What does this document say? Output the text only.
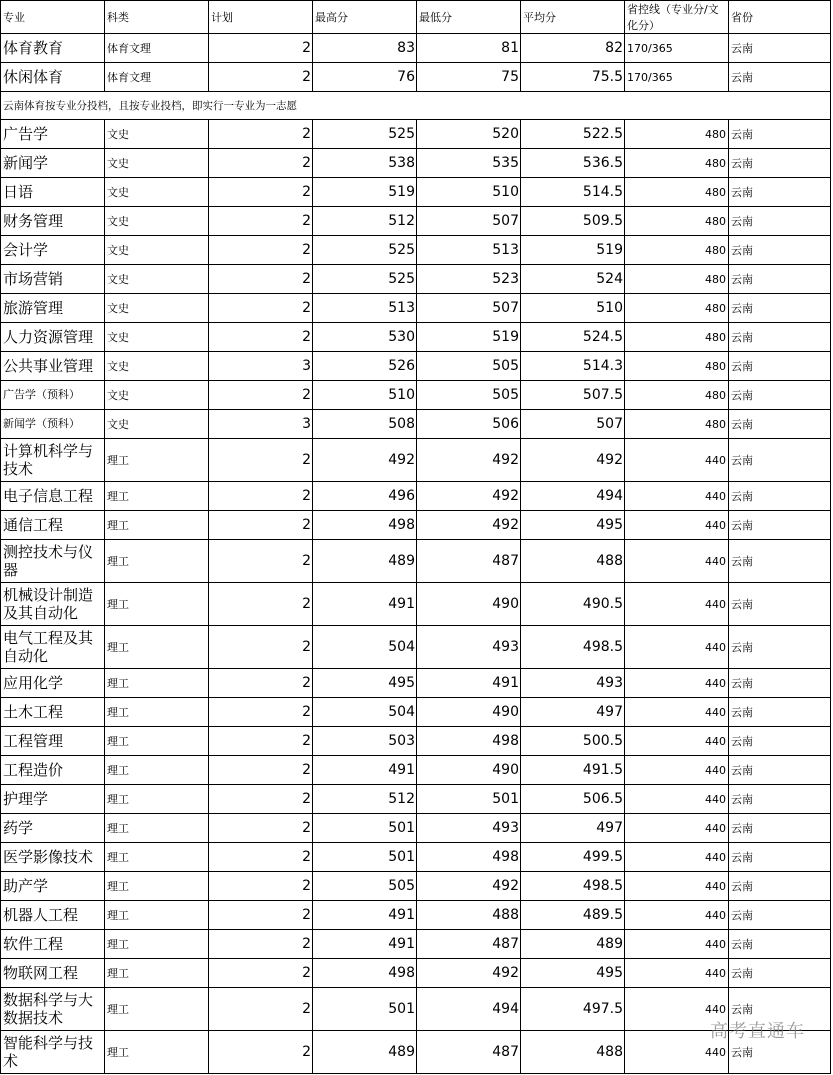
专业	科类	计划	最高分	最低分	平均分	省控线（专业分/文化分）	省份
体育教育	体育文理	2	83	81	82	170/365	云南
休闲体育	体育文理	2	76	75	75.5	170/365	云南
云南体育按专业分投档，且按专业投档，即实行一专业为一志愿							
广告学	文史	2	525	520	522.5	480	云南
新闻学	文史	2	538	535	536.5	480	云南
日语	文史	2	519	510	514.5	480	云南
财务管理	文史	2	512	507	509.5	480	云南
会计学	文史	2	525	513	519	480	云南
市场营销	文史	2	525	523	524	480	云南
旅游管理	文史	2	513	507	510	480	云南
人力资源管理	文史	2	530	519	524.5	480	云南
公共事业管理	文史	3	526	505	514.3	480	云南
广告学（预科）	文史	2	510	505	507.5	480	云南
新闻学（预科）	文史	3	508	506	507	480	云南
计算机科学与技术	理工	2	492	492	492	440	云南
电子信息工程	理工	2	496	492	494	440	云南
通信工程	理工	2	498	492	495	440	云南
测控技术与仪器	理工	2	489	487	488	440	云南
机械设计制造及其自动化	理工	2	491	490	490.5	440	云南
电气工程及其自动化	理工	2	504	493	498.5	440	云南
应用化学	理工	2	495	491	493	440	云南
土木工程	理工	2	504	490	497	440	云南
工程管理	理工	2	503	498	500.5	440	云南
工程造价	理工	2	491	490	491.5	440	云南
护理学	理工	2	512	501	506.5	440	云南
药学	理工	2	501	493	497	440	云南
医学影像技术	理工	2	501	498	499.5	440	云南
助产学	理工	2	505	492	498.5	440	云南
机器人工程	理工	2	491	488	489.5	440	云南
软件工程	理工	2	491	487	489	440	云南
物联网工程	理工	2	498	492	495	440	云南
数据科学与大数据技术	理工	2	501	494	497.5	440	云南
智能科学与技术	理工	2	489	487	488	440	云南
高考直通车
